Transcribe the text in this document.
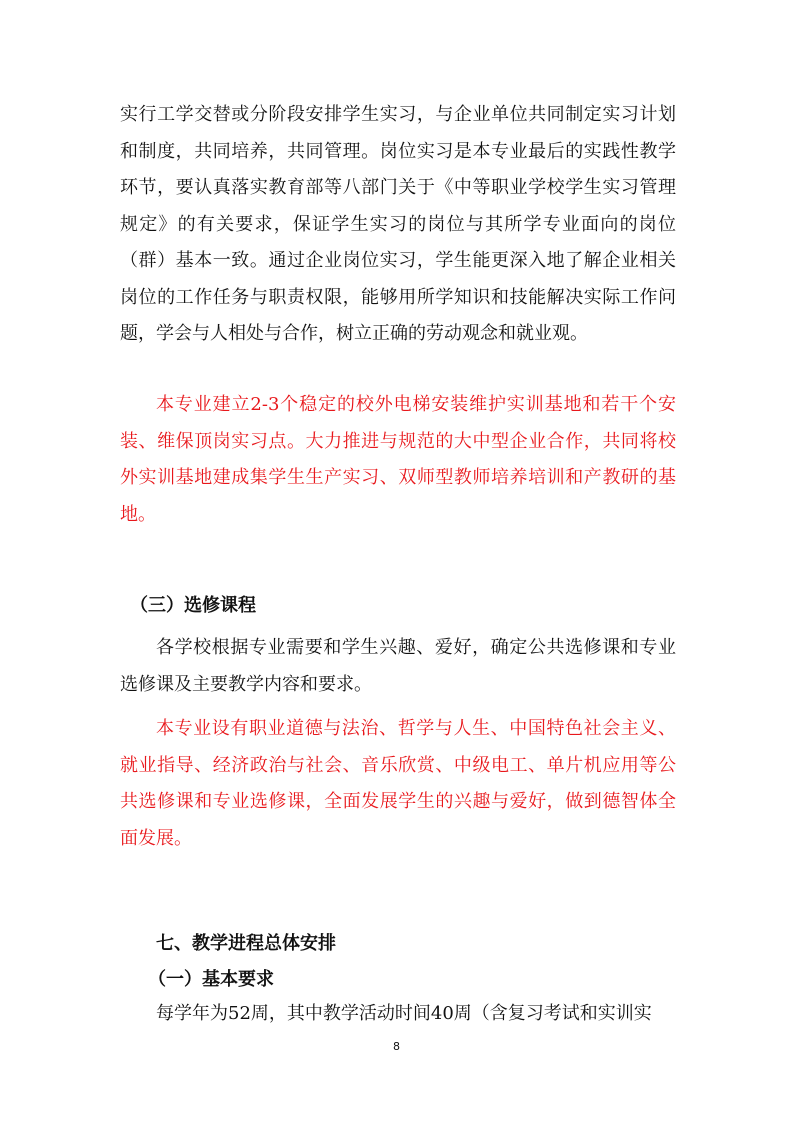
实行工学交替或分阶段安排学生实习，与企业单位共同制定实习计划和制度，共同培养，共同管理。岗位实习是本专业最后的实践性教学环节，要认真落实教育部等八部门关于《中等职业学校学生实习管理规定》的有关要求，保证学生实习的岗位与其所学专业面向的岗位（群）基本一致。通过企业岗位实习，学生能更深入地了解企业相关岗位的工作任务与职责权限，能够用所学知识和技能解决实际工作问题，学会与人相处与合作，树立正确的劳动观念和就业观。

本专业建立2-3个稳定的校外电梯安装维护实训基地和若干个安装、维保顶岗实习点。大力推进与规范的大中型企业合作，共同将校外实训基地建成集学生生产实习、双师型教师培养培训和产教研的基地。

（三）选修课程

各学校根据专业需要和学生兴趣、爱好，确定公共选修课和专业选修课及主要教学内容和要求。

本专业设有职业道德与法治、哲学与人生、中国特色社会主义、就业指导、经济政治与社会、音乐欣赏、中级电工、单片机应用等公共选修课和专业选修课，全面发展学生的兴趣与爱好，做到德智体全面发展。

七、教学进程总体安排
（一）基本要求

每学年为52周，其中教学活动时间40周（含复习考试和实训实

8
